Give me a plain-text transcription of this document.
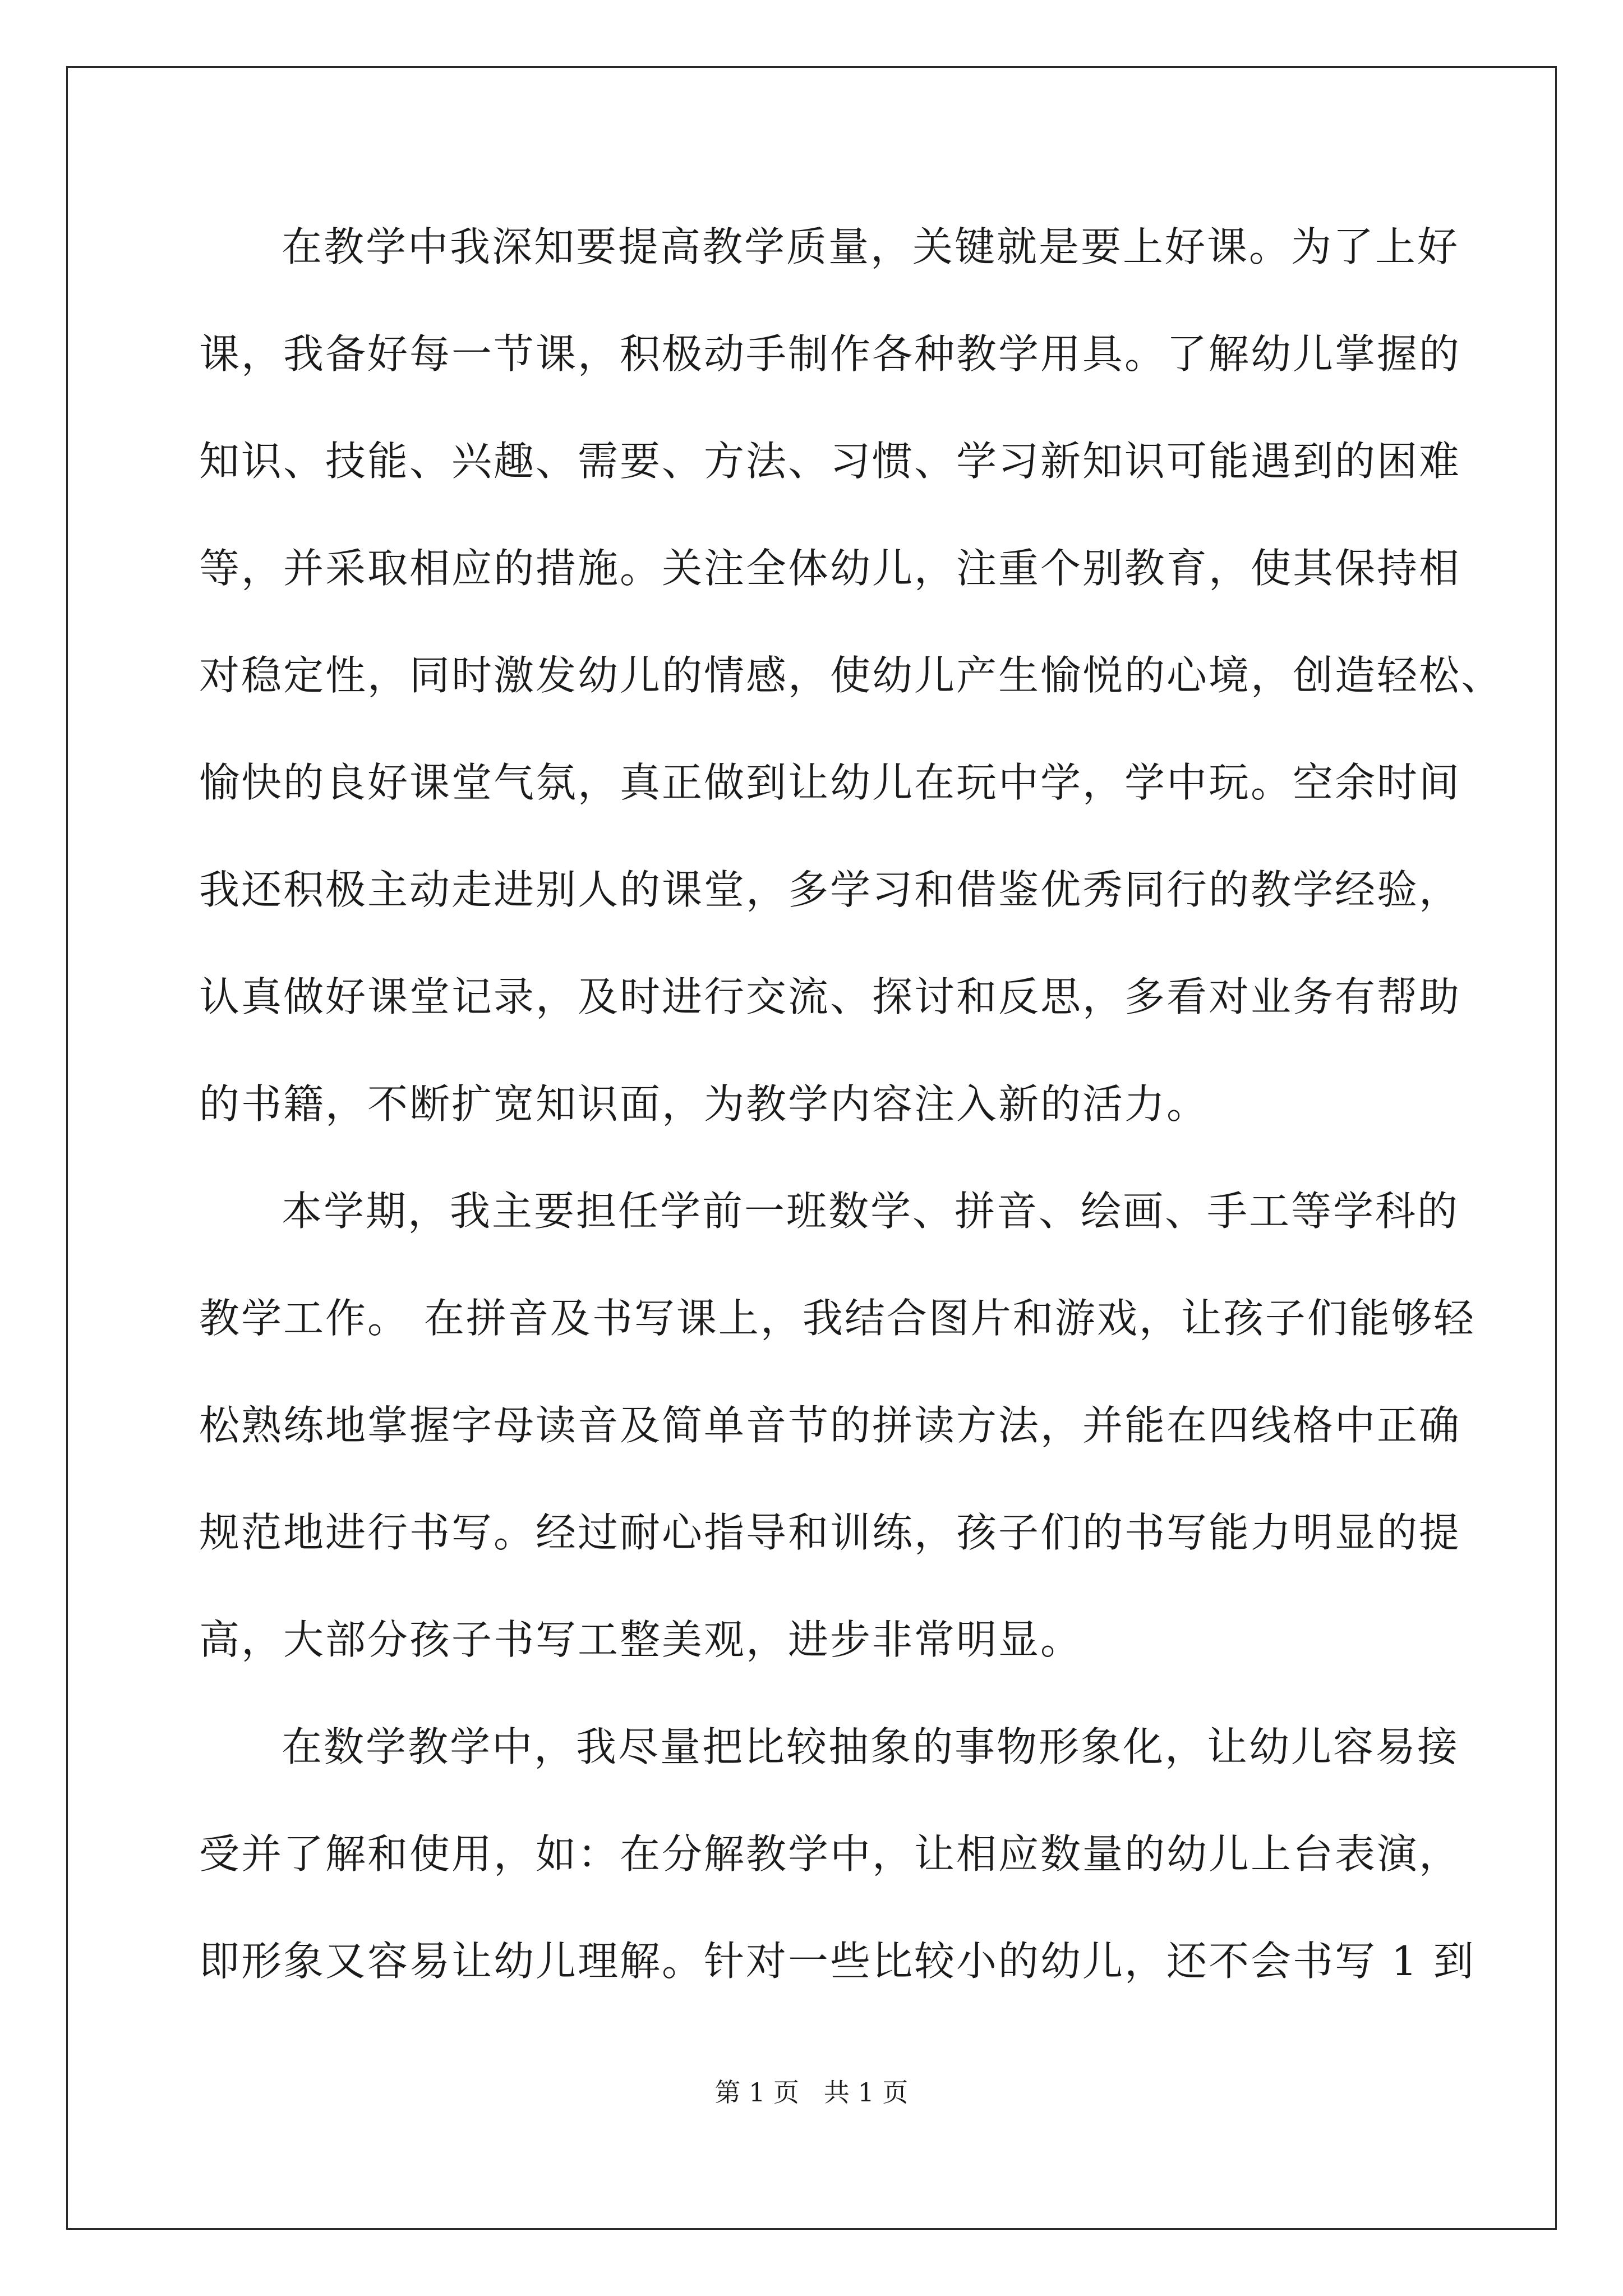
在教学中我深知要提高教学质量，关键就是要上好课。为了上好
课，我备好每一节课，积极动手制作各种教学用具。了解幼儿掌握的
知识、技能、兴趣、需要、方法、习惯、学习新知识可能遇到的困难
等，并采取相应的措施。关注全体幼儿，注重个别教育，使其保持相
对稳定性，同时激发幼儿的情感，使幼儿产生愉悦的心境，创造轻松、
愉快的良好课堂气氛，真正做到让幼儿在玩中学，学中玩。空余时间
我还积极主动走进别人的课堂，多学习和借鉴优秀同行的教学经验，
认真做好课堂记录，及时进行交流、探讨和反思，多看对业务有帮助
的书籍，不断扩宽知识面，为教学内容注入新的活力。
本学期，我主要担任学前一班数学、拼音、绘画、手工等学科的
教学工作。 在拼音及书写课上，我结合图片和游戏，让孩子们能够轻
松熟练地掌握字母读音及简单音节的拼读方法，并能在四线格中正确
规范地进行书写。经过耐心指导和训练，孩子们的书写能力明显的提
高，大部分孩子书写工整美观，进步非常明显。
在数学教学中，我尽量把比较抽象的事物形象化，让幼儿容易接
受并了解和使用，如：在分解教学中，让相应数量的幼儿上台表演，
即形象又容易让幼儿理解。针对一些比较小的幼儿，还不会书写 1 到
第 1 页   共 1 页
